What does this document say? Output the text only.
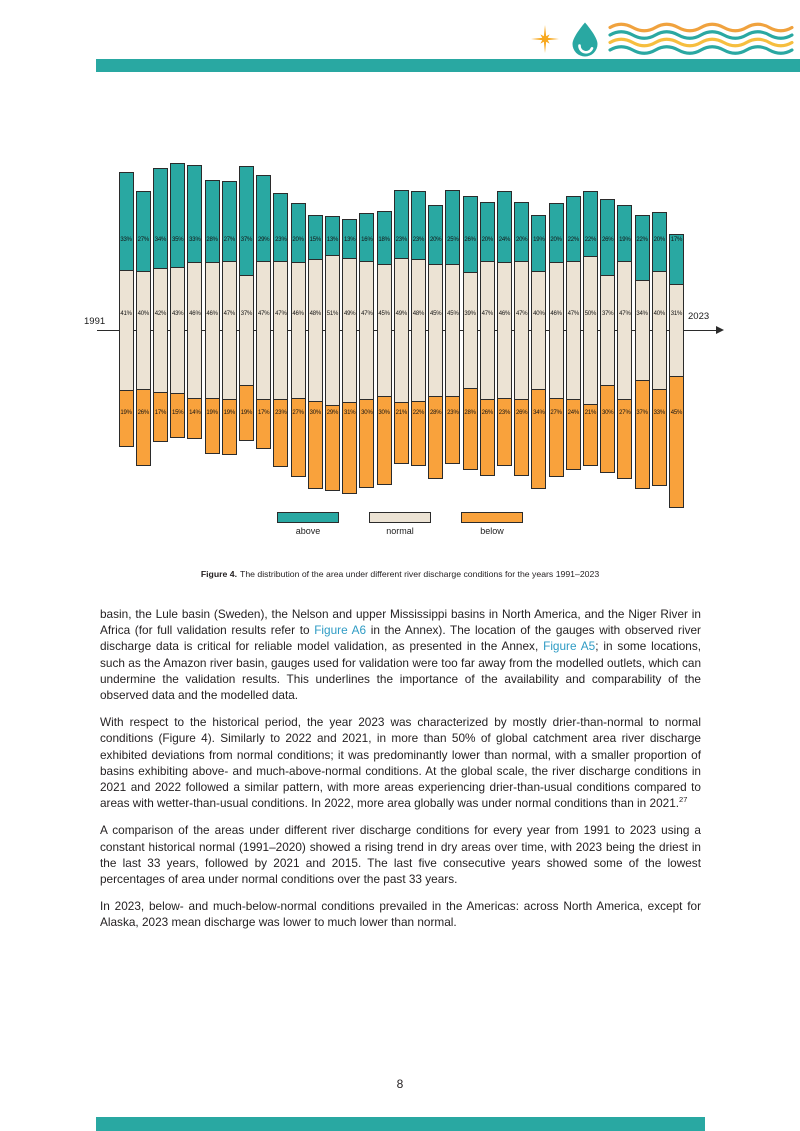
1991	2023
33%
41%
19%
27%
40%
26%
34%
42%
17%
35%
43%
15%
33%
46%
14%
28%
46%
19%
27%
47%
19%
37%
37%
19%
29%
47%
17%
23%
47%
23%
20%
46%
27%
15%
48%
30%
13%
51%
29%
13%
49%
31%
16%
47%
30%
18%
45%
30%
23%
49%
21%
23%
48%
22%
20%
45%
28%
25%
45%
23%
26%
39%
28%
20%
47%
26%
24%
46%
23%
20%
47%
26%
19%
40%
34%
20%
46%
27%
22%
47%
24%
22%
50%
21%
26%
37%
30%
19%
47%
27%
22%
34%
37%
20%
40%
33%
17%
31%
45%
above	normal	below
Figure 4. The distribution of the area under different river discharge conditions for the years 1991–2023

basin, the Lule basin (Sweden), the Nelson and upper Mississippi basins in North America, and the Niger River in Africa (for full validation results refer to Figure A6 in the Annex). The location of the gauges with observed river discharge data is critical for reliable model validation, as presented in the Annex, Figure A5; in some locations, such as the Amazon river basin, gauges used for validation were too far away from the modelled outlets, which can undermine the validation results. This underlines the importance of the availability and comparability of the observed data and the modelled data.

With respect to the historical period, the year 2023 was characterized by mostly drier-than-normal to normal conditions (Figure 4). Similarly to 2022 and 2021, in more than 50% of global catchment area river discharge exhibited deviations from normal conditions; it was predominantly lower than normal, with a smaller proportion of basins exhibiting above- and much-above-normal conditions. At the global scale, the river discharge conditions in 2021 and 2022 followed a similar pattern, with more areas experiencing drier-than-usual conditions compared to areas with wetter-than-usual conditions. In 2022, more area globally was under normal conditions than in 2021.27

A comparison of the areas under different river discharge conditions for every year from 1991 to 2023 using a constant historical normal (1991–2020) showed a rising trend in dry areas over time, with 2023 being the driest in the last 33 years, followed by 2021 and 2015. The last five consecutive years showed some of the lowest percentages of area under normal conditions over the past 33 years.

In 2023, below- and much-below-normal conditions prevailed in the Americas: across North America, except for Alaska, 2023 mean discharge was lower to much lower than normal.

8
